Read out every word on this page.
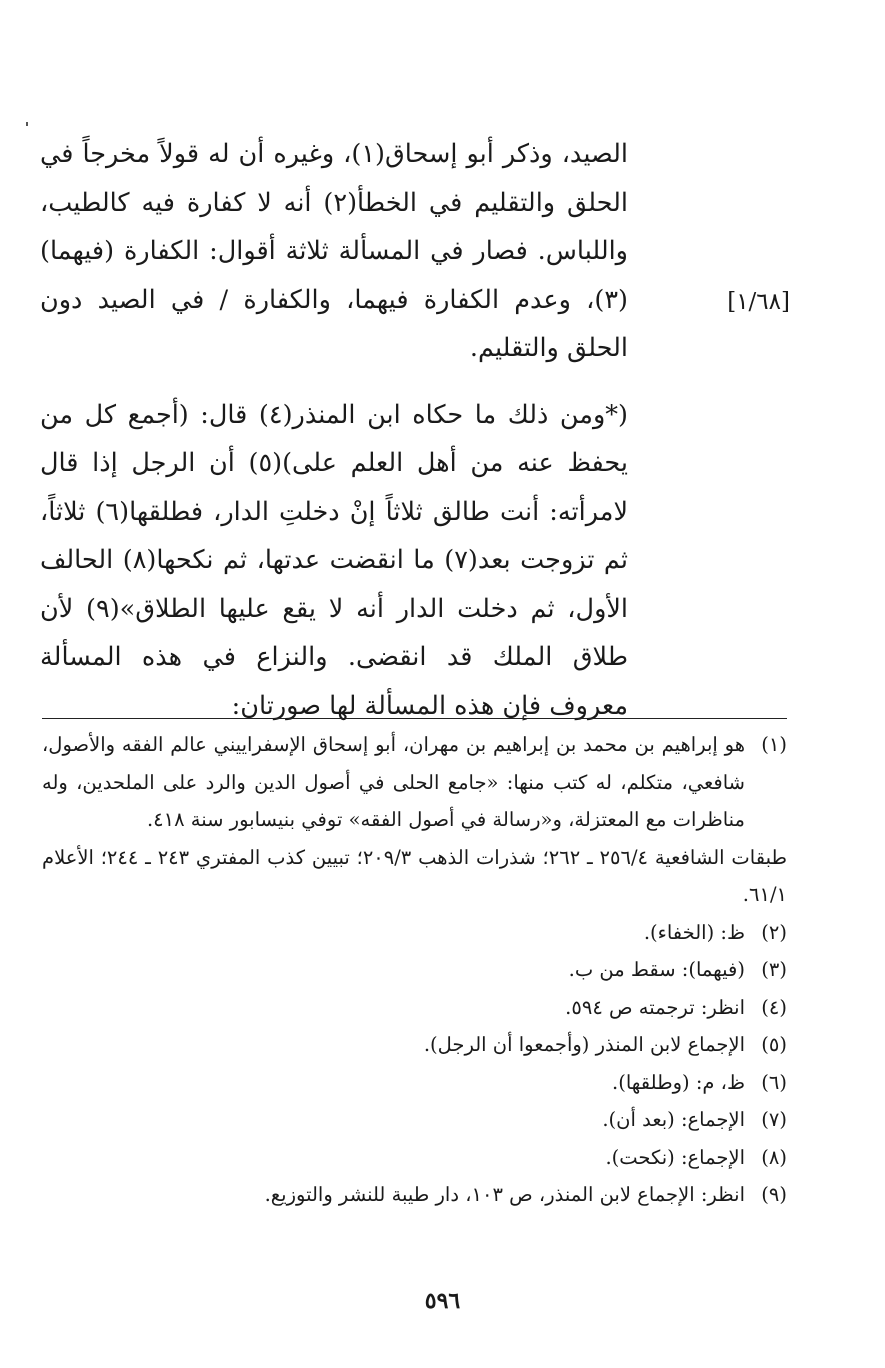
الصيد، وذكر أبو إسحاق(١)، وغيره أن له قولاً مخرجاً في الحلق والتقليم في الخطأ(٢) أنه لا كفارة فيه كالطيب، واللباس. فصار في المسألة ثلاثة أقوال: الكفارة (فيهما)(٣)، وعدم الكفارة فيهما، والكفارة / في الصيد دون الحلق والتقليم.

(*ومن ذلك ما حكاه ابن المنذر(٤) قال: (أجمع كل من يحفظ عنه من أهل العلم على)(٥) أن الرجل إذا قال لامرأته: أنت طالق ثلاثاً إنْ دخلتِ الدار، فطلقها(٦) ثلاثاً، ثم تزوجت بعد(٧) ما انقضت عدتها، ثم نكحها(٨) الحالف الأول، ثم دخلت الدار أنه لا يقع عليها الطلاق»(٩) لأن طلاق الملك قد انقضى. والنزاع في هذه المسألة معروف فإن هذه المسألة لها صورتان:

[١/٦٨]
(١)
هو إبراهيم بن محمد بن إبراهيم بن مهران، أبو إسحاق الإسفراييني عالم الفقه والأصول، شافعي، متكلم، له كتب منها: «جامع الحلى في أصول الدين والرد على الملحدين، وله مناظرات مع المعتزلة، و«رسالة في أصول الفقه» توفي بنيسابور سنة ٤١٨.
طبقات الشافعية ٢٥٦/٤ ـ ٢٦٢؛ شذرات الذهب ٢٠٩/٣؛ تبيين كذب المفتري ٢٤٣ ـ ٢٤٤؛ الأعلام ٦١/١.
(٢)
ظ: (الخفاء).
(٣)
(فيهما): سقط من ب.
(٤)
انظر: ترجمته ص ٥٩٤.
(٥)
الإجماع لابن المنذر (وأجمعوا أن الرجل).
(٦)
ظ، م: (وطلقها).
(٧)
الإجماع: (بعد أن).
(٨)
الإجماع: (نكحت).
(٩)
انظر: الإجماع لابن المنذر، ص ١٠٣، دار طيبة للنشر والتوزيع.
٥٩٦
